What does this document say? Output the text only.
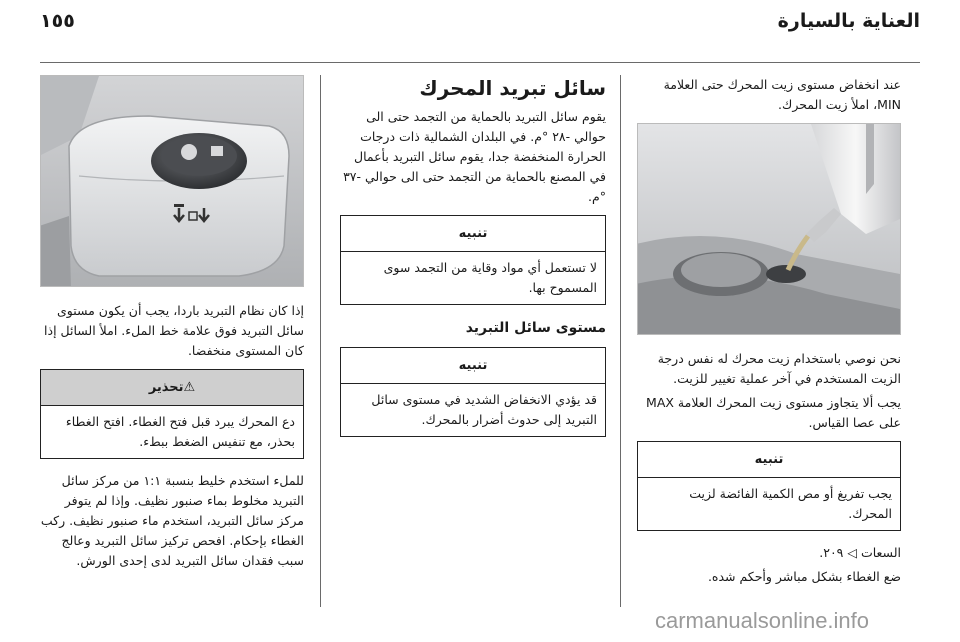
١٥٥	العناية بالسيارة

عند انخفاض مستوى زيت المحرك حتى العلامة MIN، املأ زيت المحرك.

نحن نوصي باستخدام زيت محرك له نفس درجة الزيت المستخدم في آخر عملية تغيير للزيت.

يجب ألا يتجاوز مستوى زيت المحرك العلامة MAX على عصا القياس.

تنبيه
يجب تفريغ أو مص الكمية الفائضة لزيت المحرك.

السعات ◁ ٢٠٩.

ضع الغطاء بشكل مباشر وأحكم شده.

سائل تبريد المحرك

يقوم سائل التبريد بالحماية من التجمد حتى الى حوالي -٢٨ °م. في البلدان الشمالية ذات درجات الحرارة المنخفضة جدا، يقوم سائل التبريد بأعمال في المصنع بالحماية من التجمد حتى الى حوالي -٣٧ °م.

تنبيه
لا تستعمل أي مواد وقاية من التجمد سوى المسموح بها.
مستوى سائل التبريد
تنبيه
قد يؤدي الانخفاض الشديد في مستوى سائل التبريد إلى حدوث أضرار بالمحرك.

إذا كان نظام التبريد باردا، يجب أن يكون مستوى سائل التبريد فوق علامة خط الملء. املأ السائل إذا كان المستوى منخفضا.

⚠تحذير
دع المحرك يبرد قبل فتح الغطاء. افتح الغطاء بحذر، مع تنفيس الضغط ببطء.

للملء استخدم خليط بنسبة ١:١ من مركز سائل التبريد مخلوط بماء صنبور نظيف. وإذا لم يتوفر مركز سائل التبريد، استخدم ماء صنبور نظيف. ركب الغطاء بإحكام. افحص تركيز سائل التبريد وعالج سبب فقدان سائل التبريد لدى إحدى الورش.

carmanualsonline.info
